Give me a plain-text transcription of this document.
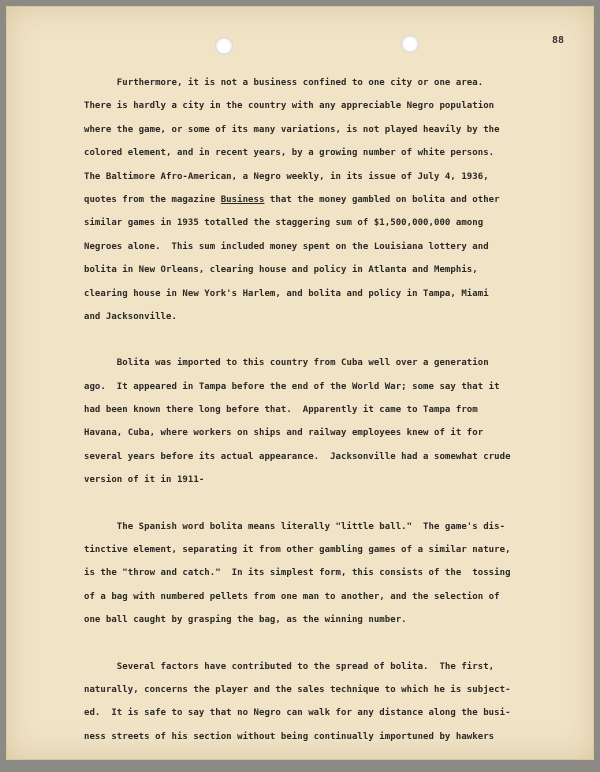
88
Furthermore, it is not a business confined to one city or one area.
There is hardly a city in the country with any appreciable Negro population
where the game, or some of its many variations, is not played heavily by the
colored element, and in recent years, by a growing number of white persons.
The Baltimore Afro-American, a Negro weekly, in its issue of July 4, 1936,
quotes from the magazine Business that the money gambled on bolita and other
similar games in 1935 totalled the staggering sum of $1,500,000,000 among
Negroes alone.  This sum included money spent on the Louisiana lottery and
bolita in New Orleans, clearing house and policy in Atlanta and Memphis,
clearing house in New York's Harlem, and bolita and policy in Tampa, Miami
and Jacksonville.
Bolita was imported to this country from Cuba well over a generation
ago.  It appeared in Tampa before the end of the World War; some say that it
had been known there long before that.  Apparently it came to Tampa from
Havana, Cuba, where workers on ships and railway employees knew of it for
several years before its actual appearance.  Jacksonville had a somewhat crude
version of it in 1911-
The Spanish word bolita means literally "little ball."  The game's dis-
tinctive element, separating it from other gambling games of a similar nature,
is the "throw and catch."  In its simplest form, this consists of the  tossing
of a bag with numbered pellets from one man to another, and the selection of
one ball caught by grasping the bag, as the winning number.
Several factors have contributed to the spread of bolita.  The first,
naturally, concerns the player and the sales technique to which he is subject-
ed.  It is safe to say that no Negro can walk for any distance along the busi-
ness streets of his section without being continually importuned by hawkers
